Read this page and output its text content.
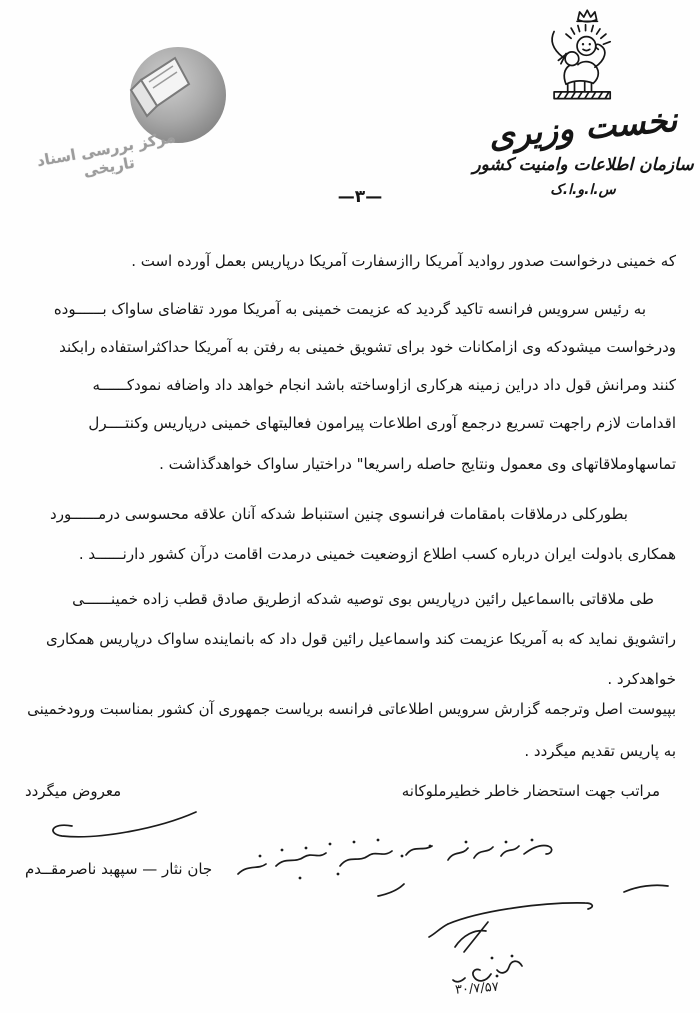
مرکز بررسی اسناد تاریخی
نخست وزیری
سازمان اطلاعات وامنیت کشور
س.ا.و.ا.ک
—۳—
که خمینی درخواست صدور روادید آمریکا راازسفارت آمریکا درپاریس بعمل آورده است .
به رئیس سرویس فرانسه تاکید گردید که عزیمت خمینی به آمریکا مورد تقاضای ساواک بــــــوده
ودرخواست میشودکه وی ازامکانات خود برای تشویق خمینی به رفتن به آمریکا حداکثراستفاده رابکند
کنند ومرانش قول داد دراین زمینه هرکاری ازاوساخته باشد انجام خواهد داد واضافه نمودکــــــه
اقدامات لازم راجهت تسریع درجمع آوری اطلاعات پیرامون فعالیتهای خمینی درپاریس وکنتــــرل
تماسهاوملاقاتهای وی معمول ونتایج حاصله راسریعا" دراختیار ساواک خواهدگذاشت .
بطورکلی درملاقات بامقامات فرانسوی چنین استنباط شدکه آنان علاقه محسوسی درمــــــورد
همکاری بادولت ایران درباره کسب اطلاع ازوضعیت خمینی درمدت اقامت درآن کشور دارنــــــد .
طی ملاقاتی بااسماعیل رائین درپاریس بوی توصیه شدکه ازطریق صادق قطب زاده خمینــــــی
راتشویق نماید که به آمریکا عزیمت کند واسماعیل رائین قول داد که بانماینده ساواک درپاریس همکاری
خواهدکرد .
بپیوست اصل وترجمه گزارش سرویس اطلاعاتی فرانسه بریاست جمهوری آن کشور بمناسبت ورودخمینی
به پاریس تقدیم میگردد .
مراتب جهت استحضار خاطر خطیرملوکانه
معروض میگردد
جان نثار — سپهبد ناصرمقــدم
۳۰/۷/۵۷
